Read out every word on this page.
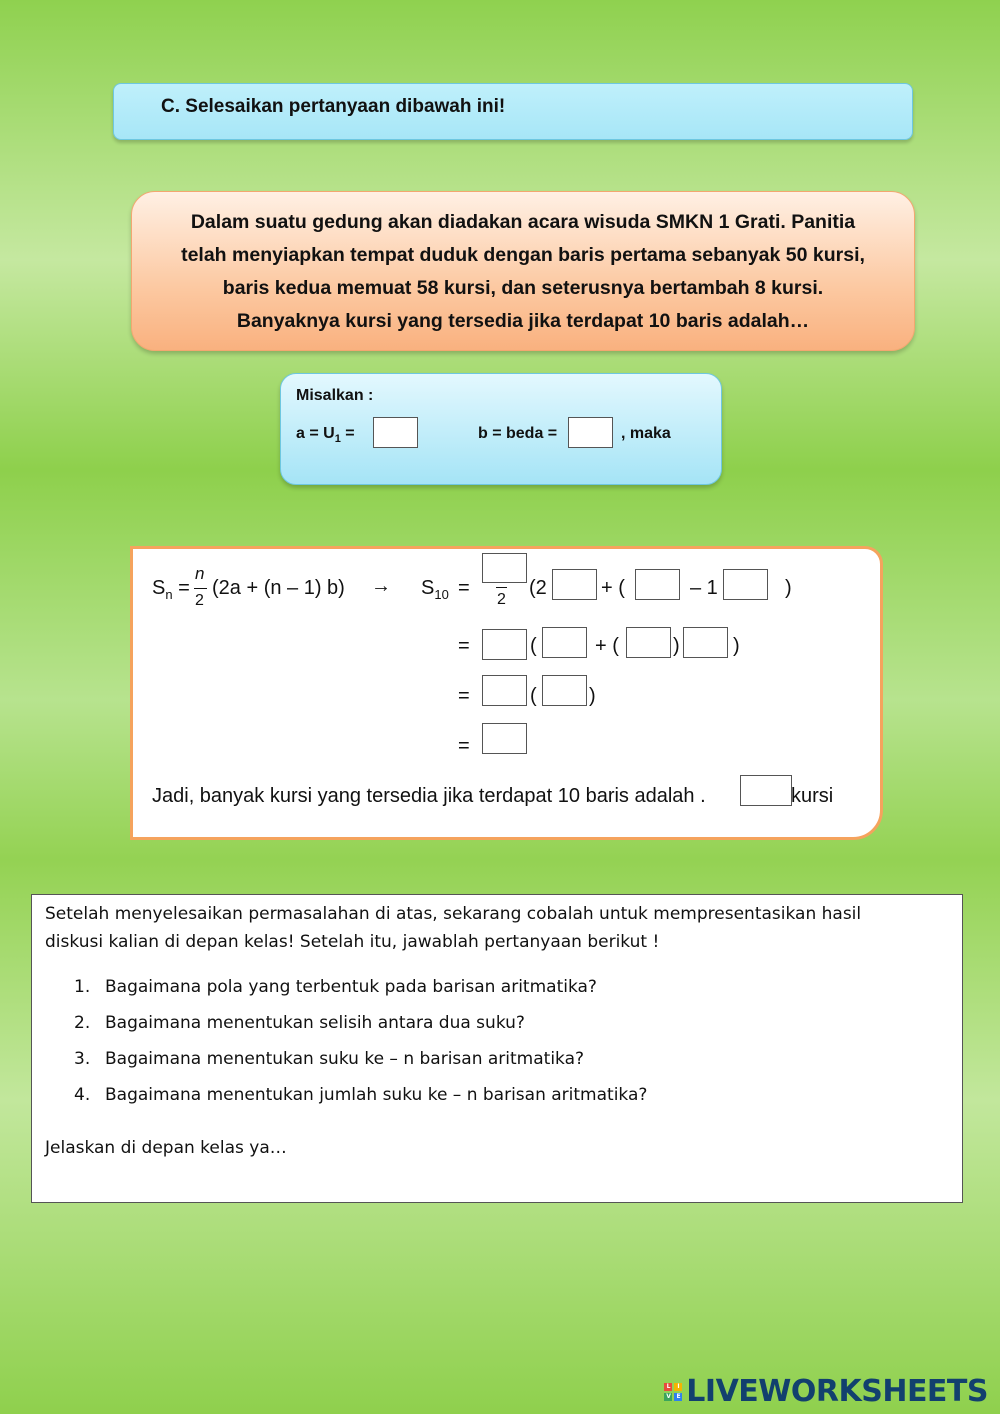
C. Selesaikan pertanyaan dibawah ini!
Dalam suatu gedung akan diadakan acara wisuda SMKN 1 Grati. Panitia
telah menyiapkan tempat duduk dengan baris pertama sebanyak 50 kursi,
baris kedua memuat 58 kursi, dan seterusnya bertambah 8 kursi.
Banyaknya kursi yang tersedia jika terdapat 10 baris adalah…
Misalkan :
$a = U_1$ =	b = beda =	, maka
$S_n$ =
n
2
(2a + (n – 1) $b) \to S_{10}$ =
2
(2	+ (	– 1	)
=	(	+ (	)	)
=	(	)
=
Jadi, banyak kursi yang tersedia jika terdapat 10 baris adalah .	kursi
Setelah menyelesaikan permasalahan di atas, sekarang cobalah untuk mempresentasikan hasil
diskusi kalian di depan kelas! Setelah itu, jawablah pertanyaan berikut !
1. Bagaimana pola yang terbentuk pada barisan aritmatika?
2. Bagaimana menentukan selisih antara dua suku?
3. Bagaimana menentukan suku ke – n barisan aritmatika?
4. Bagaimana menentukan jumlah suku ke – n barisan aritmatika?
Jelaskan di depan kelas ya…
L	I
V	E LIVEWORKSHEETS
